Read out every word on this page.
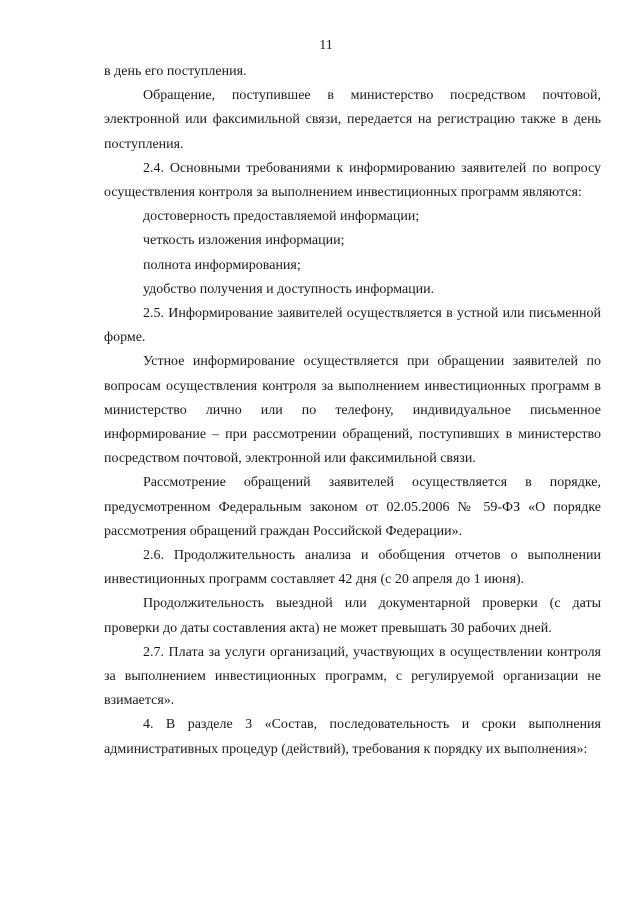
11

в день его поступления.

Обращение, поступившее в министерство посредством почтовой, электронной или факсимильной связи, передается на регистрацию также в день поступления.

2.4. Основными требованиями к информированию заявителей по вопросу осуществления контроля за выполнением инвестиционных программ являются:

достоверность предоставляемой информации;

четкость изложения информации;

полнота информирования;

удобство получения и доступность информации.

2.5. Информирование заявителей осуществляется в устной или письменной форме.

Устное информирование осуществляется при обращении заявителей по вопросам осуществления контроля за выполнением инвестиционных программ в министерство лично или по телефону, индивидуальное письменное информирование – при рассмотрении обращений, поступивших в министерство посредством почтовой, электронной или факсимильной связи.

Рассмотрение обращений заявителей осуществляется в порядке, предусмотренном Федеральным законом от 02.05.2006 № 59-ФЗ «О порядке рассмотрения обращений граждан Российской Федерации».

2.6. Продолжительность анализа и обобщения отчетов о выполнении инвестиционных программ составляет 42 дня (с 20 апреля до 1 июня).

Продолжительность выездной или документарной проверки (с даты проверки до даты составления акта) не может превышать 30 рабочих дней.

2.7. Плата за услуги организаций, участвующих в осуществлении контроля за выполнением инвестиционных программ, с регулируемой организации не взимается».

4. В разделе 3 «Состав, последовательность и сроки выполнения административных процедур (действий), требования к порядку их выполнения»:
